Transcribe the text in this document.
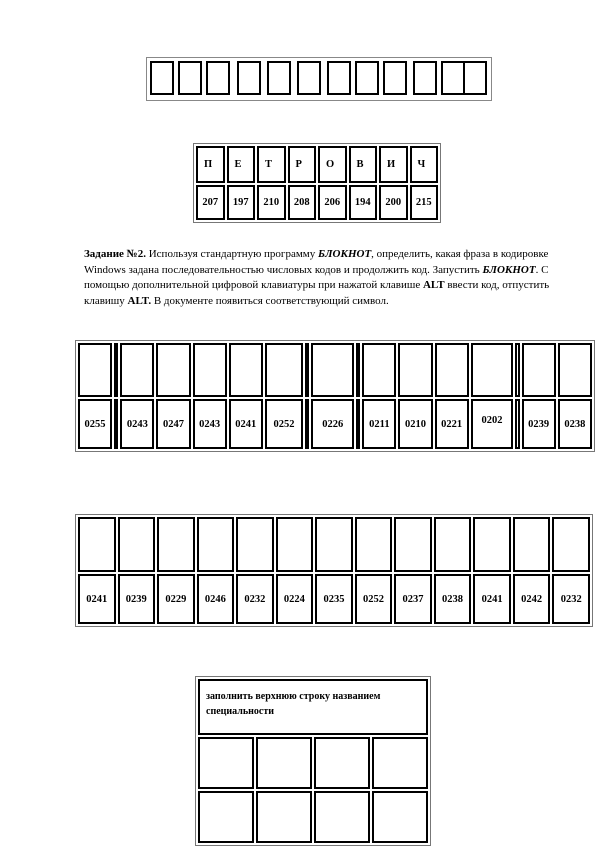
П	Е	Т	Р	О	В	И	Ч
207	197	210	208	206	194	200	215
Задание №2. Используя стандартную программу БЛОКНОТ, определить, какая фраза в кодировке Windows задана последовательностью числовых кодов и продолжить код. Запустить БЛОКНОТ. С помощью дополнительной цифровой клавиатуры при нажатой клавише ALT ввести код, отпустить клавишу ALT. В документе появиться соответствующий символ.

0255		0243	0247	0243	0241	0252		0226		0211	0210	0221	0202		0239	0238

0241	0239	0229	0246	0232	0224	0235	0252	0237	0238	0241	0242	0232
заполнить верхнюю строку названием специальности			
